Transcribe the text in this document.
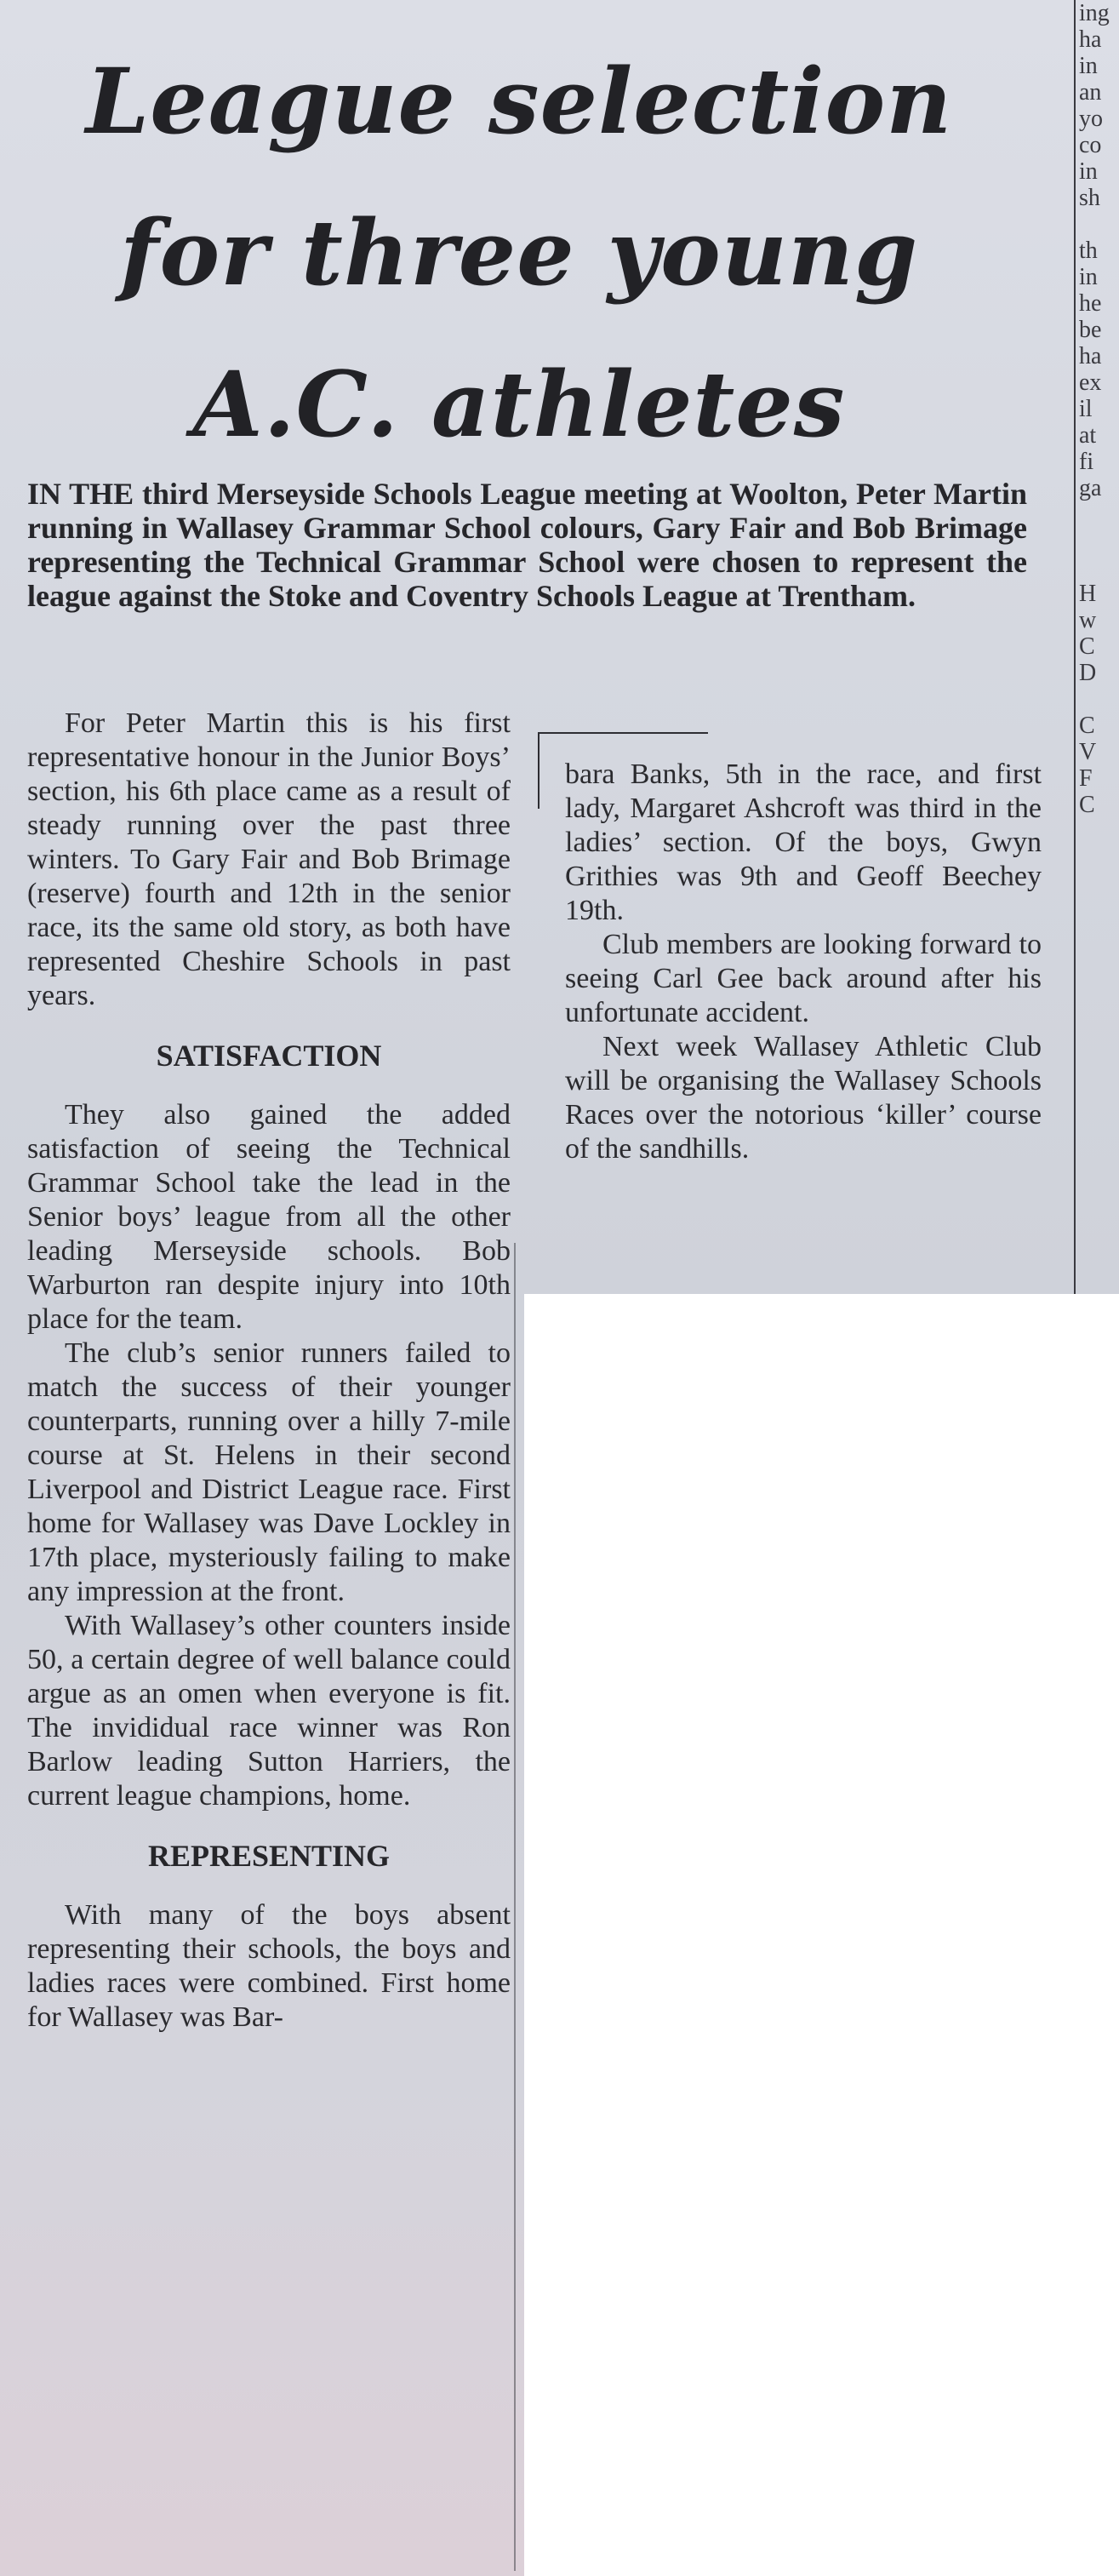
League selection
for three young
A.C. athletes

IN THE third Merseyside Schools League meeting at Woolton, Peter Martin running in Wallasey Grammar School colours, Gary Fair and Bob Brimage representing the Technical Grammar School were chosen to represent the league against the Stoke and Coventry Schools League at Trentham.

For Peter Martin this is his first representative honour in the Junior Boys’ section, his 6th place came as a result of steady running over the past three winters. To Gary Fair and Bob Brimage (reserve) fourth and 12th in the senior race, its the same old story, as both have represented Cheshire Schools in past years.

SATISFACTION

They also gained the added satisfaction of seeing the Technical Grammar School take the lead in the Senior boys’ league from all the other leading Merseyside schools. Bob Warburton ran despite injury into 10th place for the team.

The club’s senior runners failed to match the success of their younger counterparts, running over a hilly 7-mile course at St. Helens in their second Liverpool and District League race. First home for Wallasey was Dave Lockley in 17th place, mysteriously failing to make any impression at the front.

With Wallasey’s other counters inside 50, a certain degree of well balance could argue as an omen when everyone is fit. The invididual race winner was Ron Barlow leading Sutton Harriers, the current league champions, home.

REPRESENTING

With many of the boys absent representing their schools, the boys and ladies races were combined. First home for Wallasey was Bar-

bara Banks, 5th in the race, and first lady, Margaret Ashcroft was third in the ladies’ section. Of the boys, Gwyn Grithies was 9th and Geoff Beechey 19th.

Club members are looking forward to seeing Carl Gee back around after his unfortunate accident.

Next week Wallasey Athletic Club will be organising the Wallasey Schools Races over the notorious ‘killer’ course of the sandhills.

ing
ha
in
an
yo
co
in
sh

th
in
he
be
ha
ex
il
at
fi
ga

H
w
C
D

C
V
F
C
